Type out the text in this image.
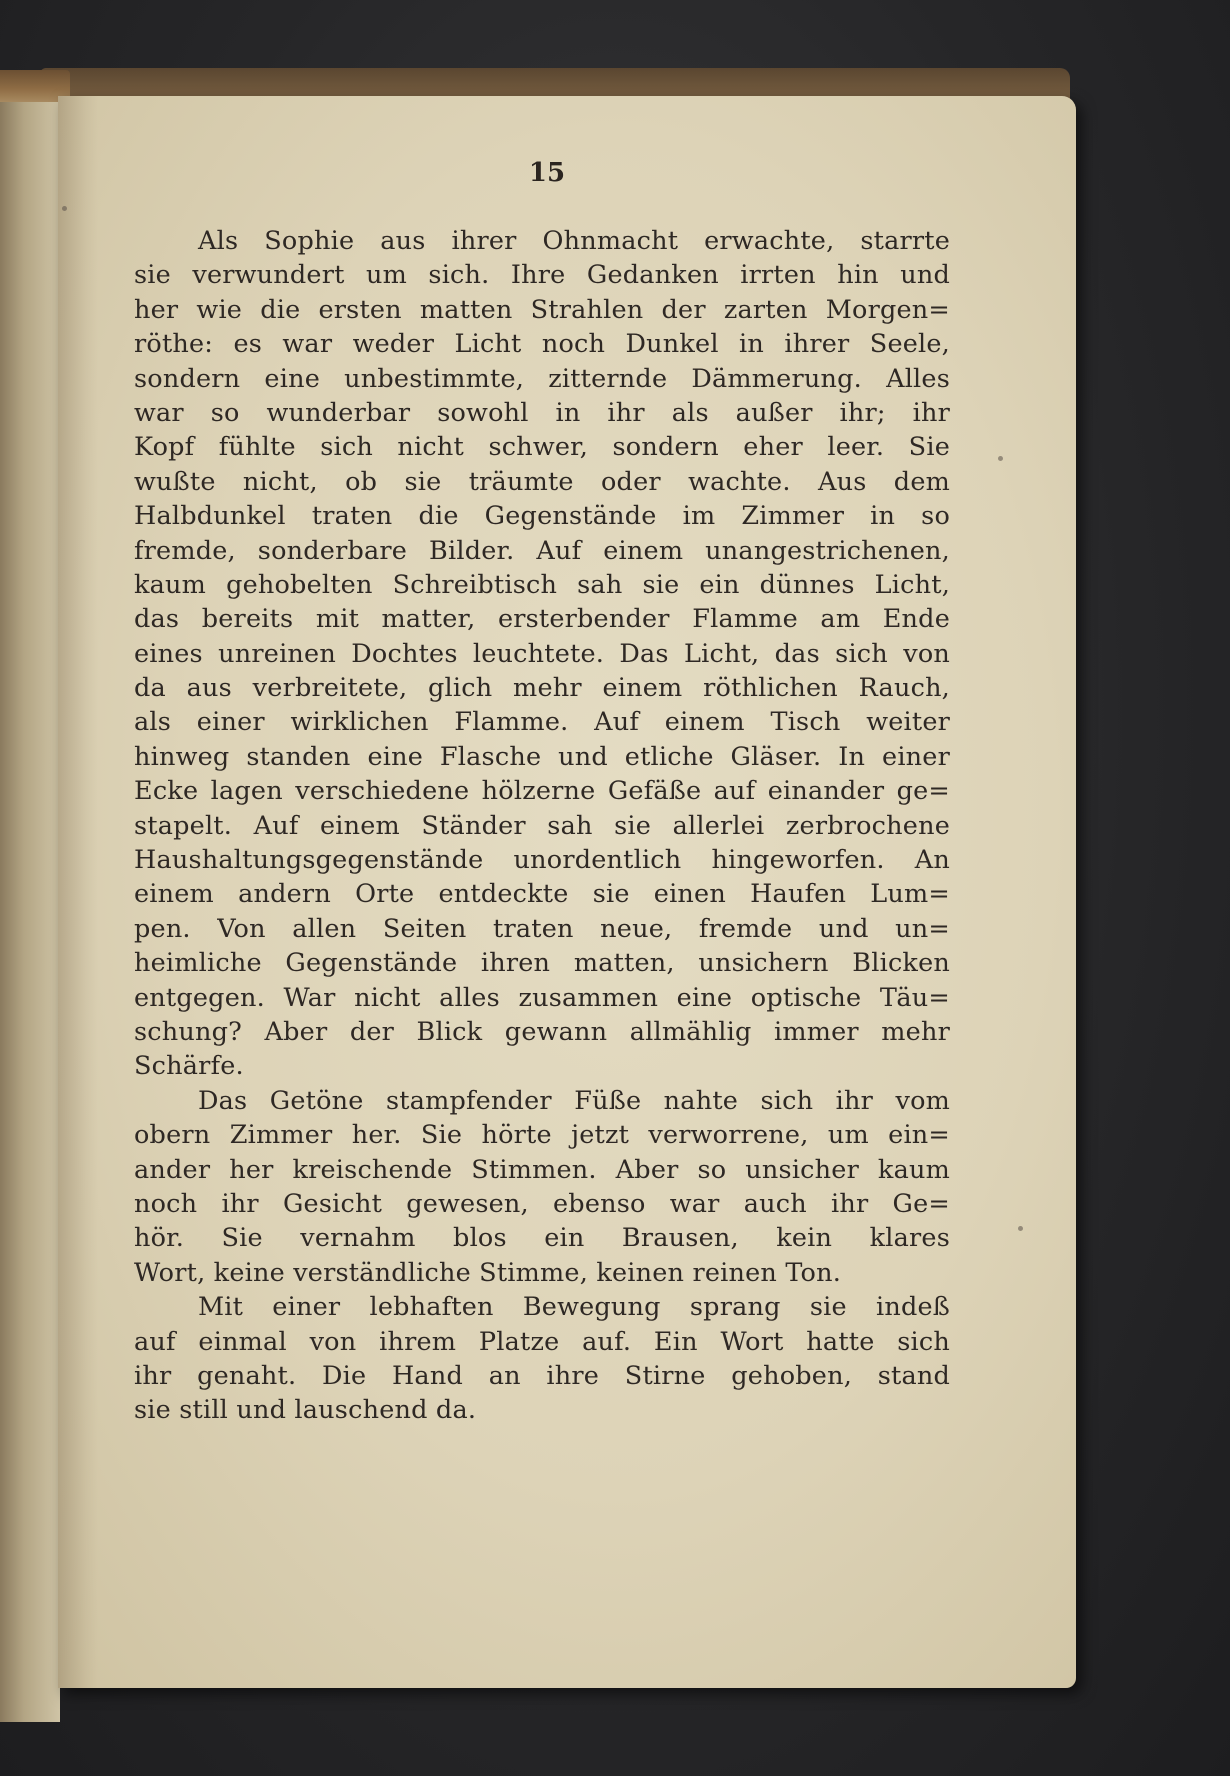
15
Als Sophie aus ihrer Ohnmacht erwachte, starrte
sie verwundert um sich. Ihre Gedanken irrten hin und
her wie die ersten matten Strahlen der zarten Morgen=
röthe: es war weder Licht noch Dunkel in ihrer Seele,
sondern eine unbestimmte, zitternde Dämmerung. Alles
war so wunderbar sowohl in ihr als außer ihr; ihr
Kopf fühlte sich nicht schwer, sondern eher leer. Sie
wußte nicht, ob sie träumte oder wachte. Aus dem
Halbdunkel traten die Gegenstände im Zimmer in so
fremde, sonderbare Bilder. Auf einem unangestrichenen,
kaum gehobelten Schreibtisch sah sie ein dünnes Licht,
das bereits mit matter, ersterbender Flamme am Ende
eines unreinen Dochtes leuchtete. Das Licht, das sich von
da aus verbreitete, glich mehr einem röthlichen Rauch,
als einer wirklichen Flamme. Auf einem Tisch weiter
hinweg standen eine Flasche und etliche Gläser. In einer
Ecke lagen verschiedene hölzerne Gefäße auf einander ge=
stapelt. Auf einem Ständer sah sie allerlei zerbrochene
Haushaltungsgegenstände unordentlich hingeworfen. An
einem andern Orte entdeckte sie einen Haufen Lum=
pen. Von allen Seiten traten neue, fremde und un=
heimliche Gegenstände ihren matten, unsichern Blicken
entgegen. War nicht alles zusammen eine optische Täu=
schung? Aber der Blick gewann allmählig immer mehr
Schärfe.
Das Getöne stampfender Füße nahte sich ihr vom
obern Zimmer her. Sie hörte jetzt verworrene, um ein=
ander her kreischende Stimmen. Aber so unsicher kaum
noch ihr Gesicht gewesen, ebenso war auch ihr Ge=
hör. Sie vernahm blos ein Brausen, kein klares
Wort, keine verständliche Stimme, keinen reinen Ton.
Mit einer lebhaften Bewegung sprang sie indeß
auf einmal von ihrem Platze auf. Ein Wort hatte sich
ihr genaht. Die Hand an ihre Stirne gehoben, stand
sie still und lauschend da.
